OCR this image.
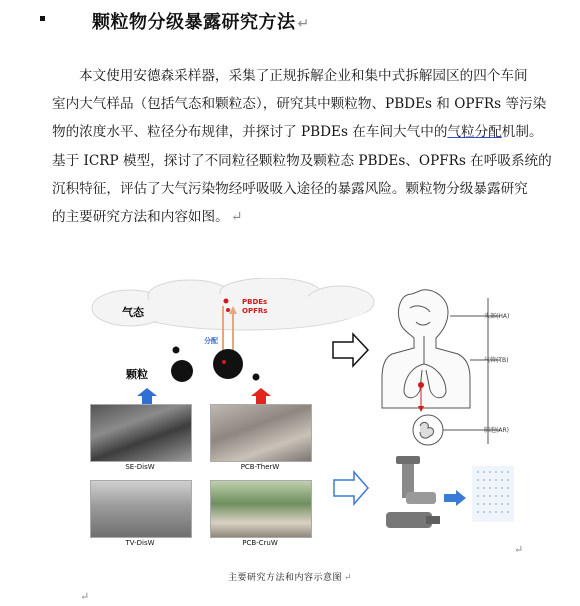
颗粒物分级暴露研究方法 ↵

本文使用安德森采样器，采集了正规拆解企业和集中式拆解园区的四个车间

室内大气样品（包括气态和颗粒态），研究其中颗粒物、PBDEs 和 OPFRs 等污染

物的浓度水平、粒径分布规律，并探讨了 PBDEs 在车间大气中的气粒分配机制。

基于 ICRP 模型，探讨了不同粒径颗粒物及颗粒态 PBDEs、OPFRs 在呼吸系统的

沉积特征，评估了大气污染物经呼吸吸入途径的暴露风险。颗粒物分级暴露研究

的主要研究方法和内容如图。 ↵

气态
PBDEs
OPFRs
分配
颗粒
头部(HA)
气管(TB)
肺泡(AR)
SE-DisW	PCB-TherW
TV-DisW	PCB-CruW	↵
主要研究方法和内容示意图 ↵
↵
